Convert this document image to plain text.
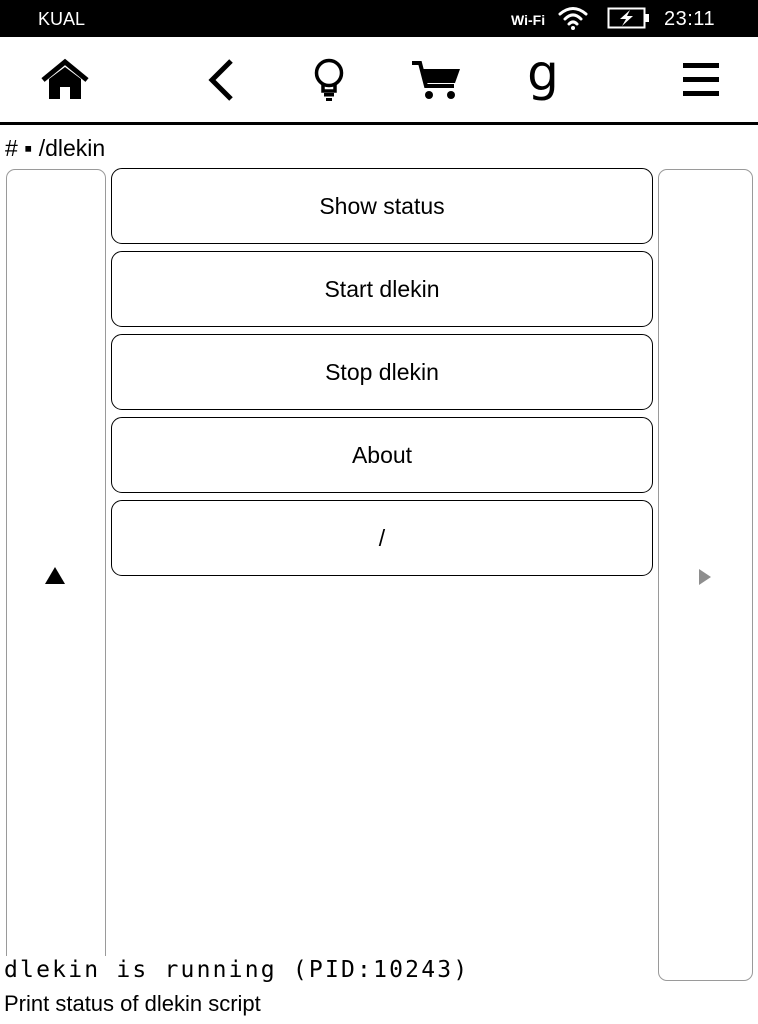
KUAL	Wi-Fi	23:11
g
# ▪ /dlekin
Show status
Start dlekin
Stop dlekin
About
/
dlekin is running (PID:10243)
Print status of dlekin script
